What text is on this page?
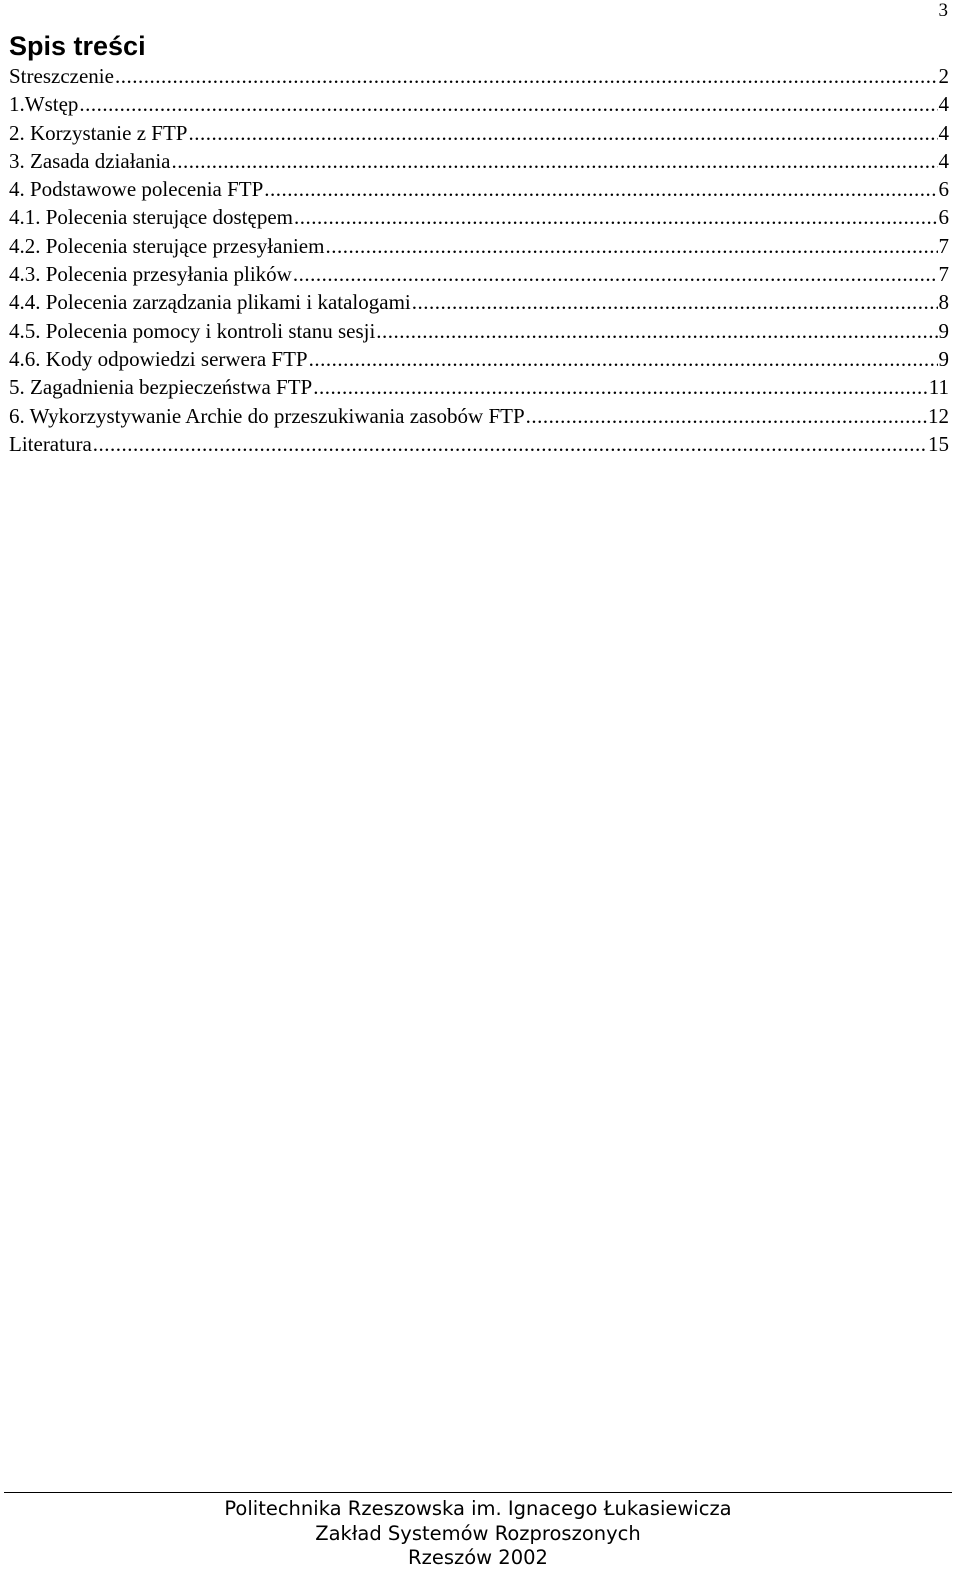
3
Spis treści
Streszczenie .....	2
1.Wstęp .....	4
2. Korzystanie z FTP .....	4
3. Zasada działania .....	4
4. Podstawowe polecenia FTP .....	6
4.1. Polecenia sterujące dostępem .....	6
4.2. Polecenia sterujące przesyłaniem .....	7
4.3. Polecenia przesyłania plików .....	7
4.4. Polecenia zarządzania plikami i katalogami .....	8
4.5. Polecenia pomocy i kontroli stanu sesji .....	9
4.6. Kody odpowiedzi serwera FTP .....	9
5. Zagadnienia bezpieczeństwa FTP .....	11
6. Wykorzystywanie Archie do przeszukiwania zasobów FTP .....	12
Literatura .....	15
Politechnika Rzeszowska im. Ignacego Łukasiewicza
Zakład Systemów Rozproszonych
Rzeszów 2002
